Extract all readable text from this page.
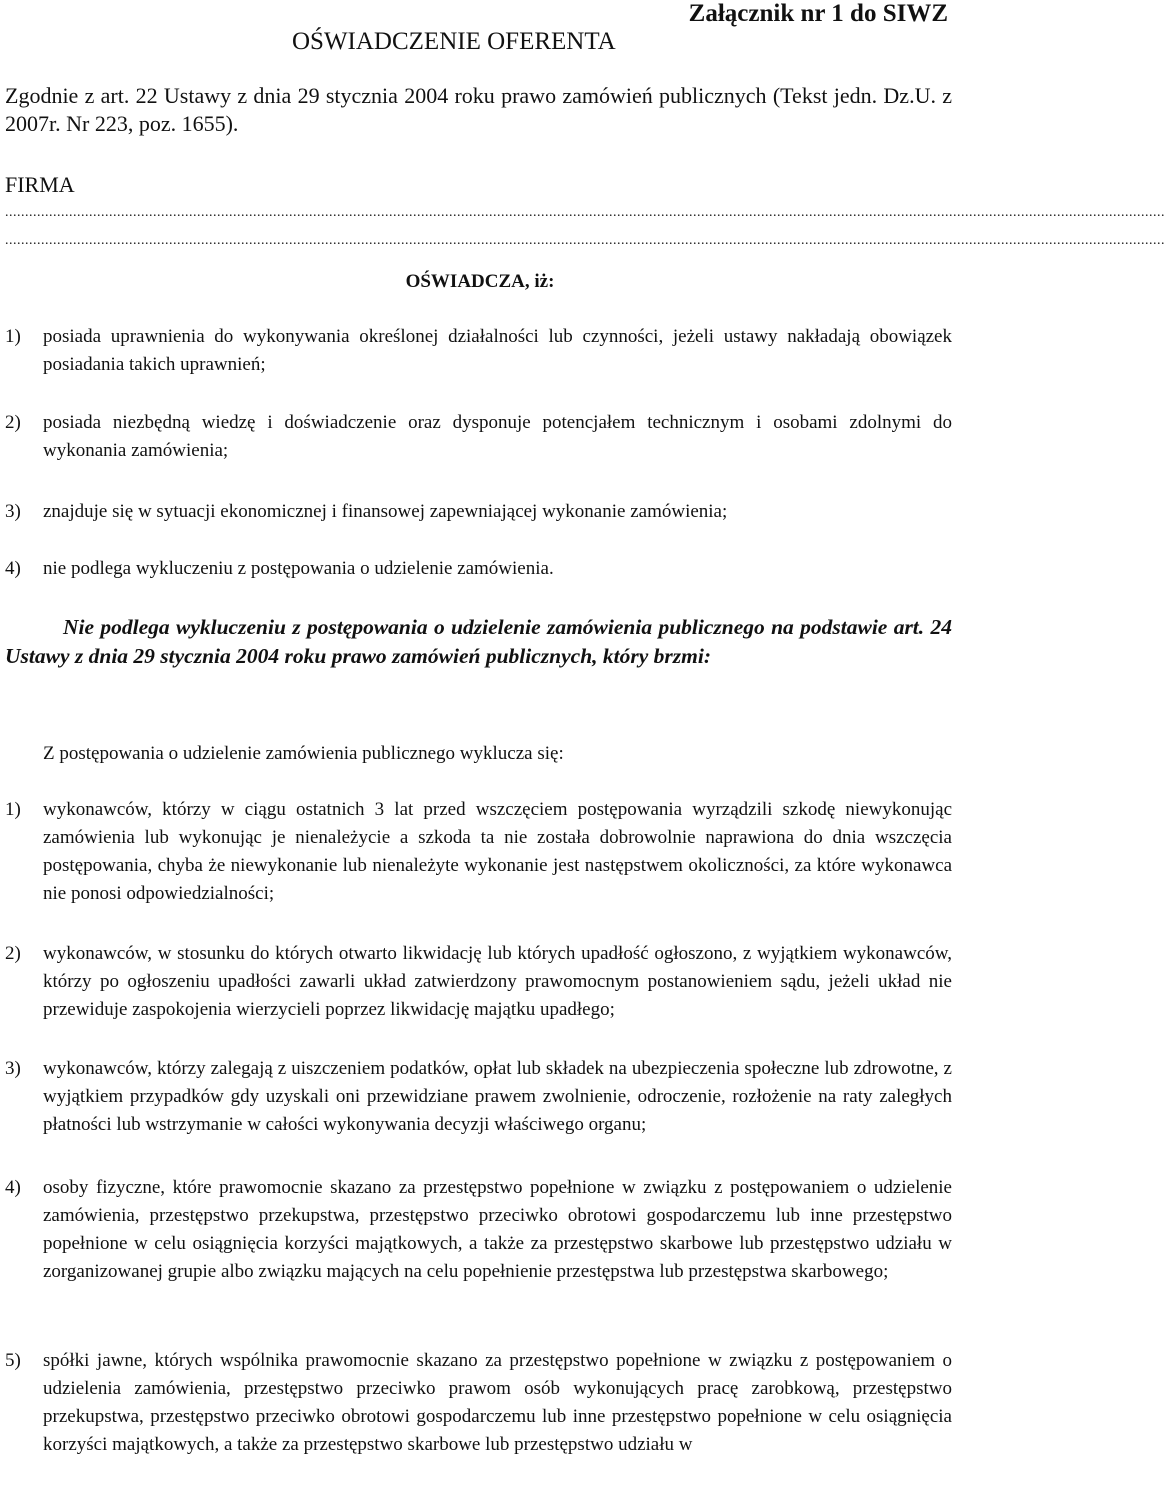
Załącznik nr 1 do SIWZ
OŚWIADCZENIE OFERENTA
Zgodnie z art. 22 Ustawy z dnia 29 stycznia 2004 roku prawo zamówień publicznych (Tekst jedn. Dz.U. z 2007r. Nr 223, poz. 1655).
FIRMA
..................................................................................................................................................................................................................................................................................................
..................................................................................................................................................................................................................................................................................................
OŚWIADCZA, iż:
1)	posiada uprawnienia do wykonywania określonej działalności lub czynności, jeżeli ustawy nakładają obowiązek posiadania takich uprawnień;
2)	posiada niezbędną wiedzę i doświadczenie oraz dysponuje potencjałem technicznym i osobami zdolnymi do wykonania zamówienia;
3)	znajduje się w sytuacji ekonomicznej i finansowej zapewniającej wykonanie zamówienia;
4)	nie podlega wykluczeniu z postępowania o udzielenie zamówienia.
Nie podlega wykluczeniu z postępowania o udzielenie zamówienia publicznego na podstawie art. 24 Ustawy z dnia 29 stycznia 2004 roku prawo zamówień publicznych, który brzmi:
Z postępowania o udzielenie zamówienia publicznego wyklucza się:
1)	wykonawców, którzy w ciągu ostatnich 3 lat przed wszczęciem postępowania wyrządzili szkodę niewykonując zamówienia lub wykonując je nienależycie a szkoda ta nie została dobrowolnie naprawiona do dnia wszczęcia postępowania, chyba że niewykonanie lub nienależyte wykonanie jest następstwem okoliczności, za które wykonawca nie ponosi odpowiedzialności;
2)	wykonawców, w stosunku do których otwarto likwidację lub których upadłość ogłoszono, z wyjątkiem wykonawców, którzy po ogłoszeniu upadłości zawarli układ zatwierdzony prawomocnym postanowieniem sądu, jeżeli układ nie przewiduje zaspokojenia wierzycieli poprzez likwidację majątku upadłego;
3)	wykonawców, którzy zalegają z uiszczeniem podatków, opłat lub składek na ubezpieczenia społeczne lub zdrowotne, z wyjątkiem przypadków gdy uzyskali oni przewidziane prawem zwolnienie, odroczenie, rozłożenie na raty zaległych płatności lub wstrzymanie w całości wykonywania decyzji właściwego organu;
4)	osoby fizyczne, które prawomocnie skazano za przestępstwo popełnione w związku z postępowaniem o udzielenie zamówienia, przestępstwo przekupstwa, przestępstwo przeciwko obrotowi gospodarczemu lub inne przestępstwo popełnione w celu osiągnięcia korzyści majątkowych, a także za przestępstwo skarbowe lub przestępstwo udziału w zorganizowanej grupie albo związku mających na celu popełnienie przestępstwa lub przestępstwa skarbowego;
5)	spółki jawne, których wspólnika prawomocnie skazano za przestępstwo popełnione w związku z postępowaniem o udzielenia zamówienia, przestępstwo przeciwko prawom osób wykonujących pracę zarobkową, przestępstwo przekupstwa, przestępstwo przeciwko obrotowi gospodarczemu lub inne przestępstwo popełnione w celu osiągnięcia korzyści majątkowych, a także za przestępstwo skarbowe lub przestępstwo udziału w
